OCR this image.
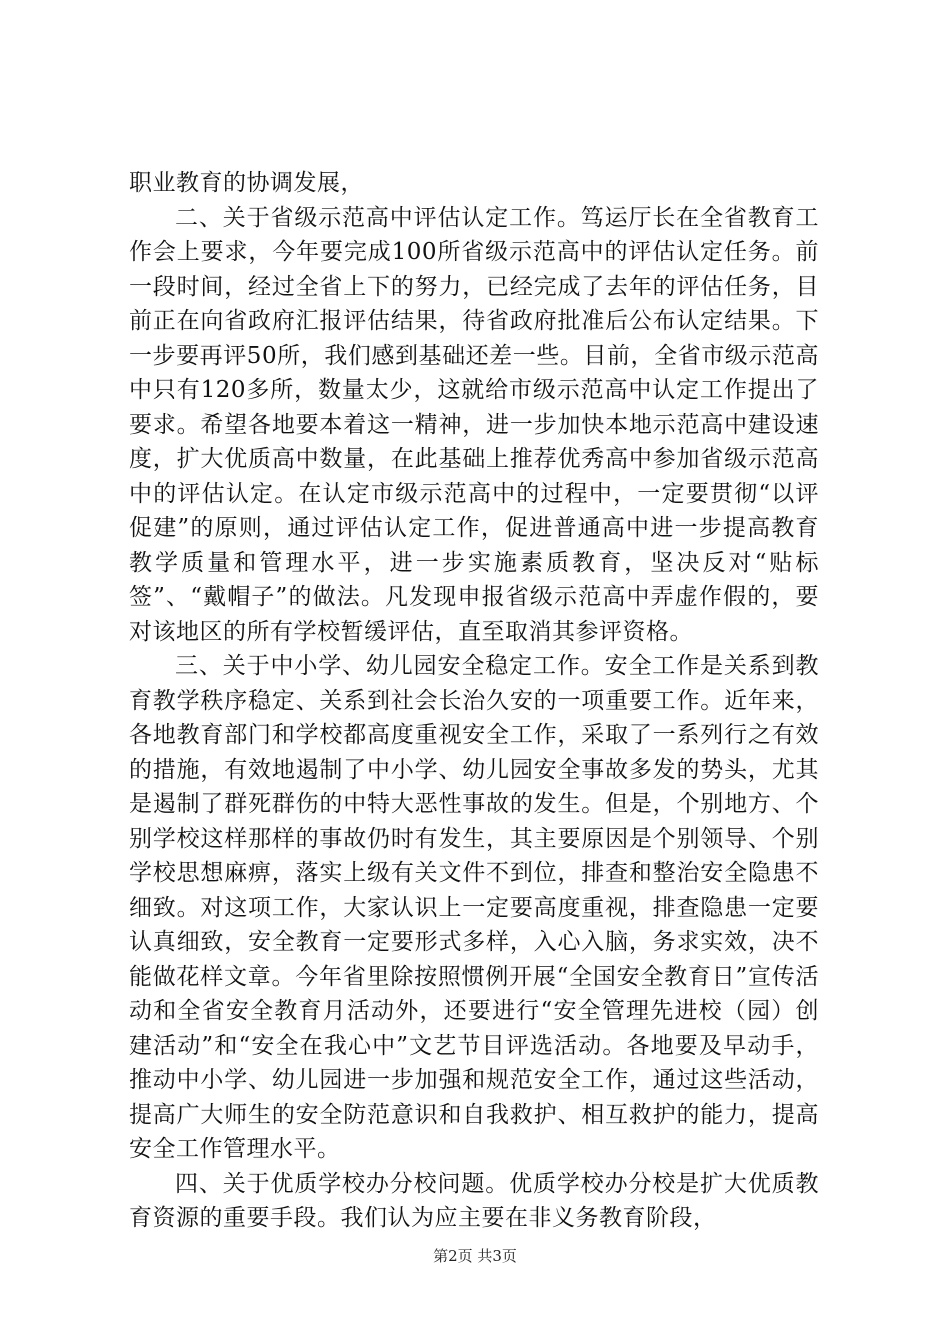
职业教育的协调发展，

二、关于省级示范高中评估认定工作。笃运厅长在全省教育工作会上要求，今年要完成100所省级示范高中的评估认定任务。前一段时间，经过全省上下的努力，已经完成了去年的评估任务，目前正在向省政府汇报评估结果，待省政府批准后公布认定结果。下一步要再评50所，我们感到基础还差一些。目前，全省市级示范高中只有120多所，数量太少，这就给市级示范高中认定工作提出了要求。希望各地要本着这一精神，进一步加快本地示范高中建设速度，扩大优质高中数量，在此基础上推荐优秀高中参加省级示范高中的评估认定。在认定市级示范高中的过程中，一定要贯彻“以评促建”的原则，通过评估认定工作，促进普通高中进一步提高教育教学质量和管理水平，进一步实施素质教育，坚决反对“贴标签”、“戴帽子”的做法。凡发现申报省级示范高中弄虚作假的，要对该地区的所有学校暂缓评估，直至取消其参评资格。

三、关于中小学、幼儿园安全稳定工作。安全工作是关系到教育教学秩序稳定、关系到社会长治久安的一项重要工作。近年来，各地教育部门和学校都高度重视安全工作，采取了一系列行之有效的措施，有效地遏制了中小学、幼儿园安全事故多发的势头，尤其是遏制了群死群伤的中特大恶性事故的发生。但是，个别地方、个别学校这样那样的事故仍时有发生，其主要原因是个别领导、个别学校思想麻痹，落实上级有关文件不到位，排查和整治安全隐患不细致。对这项工作，大家认识上一定要高度重视，排查隐患一定要认真细致，安全教育一定要形式多样，入心入脑，务求实效，决不能做花样文章。今年省里除按照惯例开展“全国安全教育日”宣传活动和全省安全教育月活动外，还要进行“安全管理先进校（园）创建活动”和“安全在我心中”文艺节目评选活动。各地要及早动手，推动中小学、幼儿园进一步加强和规范安全工作，通过这些活动，提高广大师生的安全防范意识和自我救护、相互救护的能力，提高安全工作管理水平。

四、关于优质学校办分校问题。优质学校办分校是扩大优质教育资源的重要手段。我们认为应主要在非义务教育阶段，

第2页 共3页
